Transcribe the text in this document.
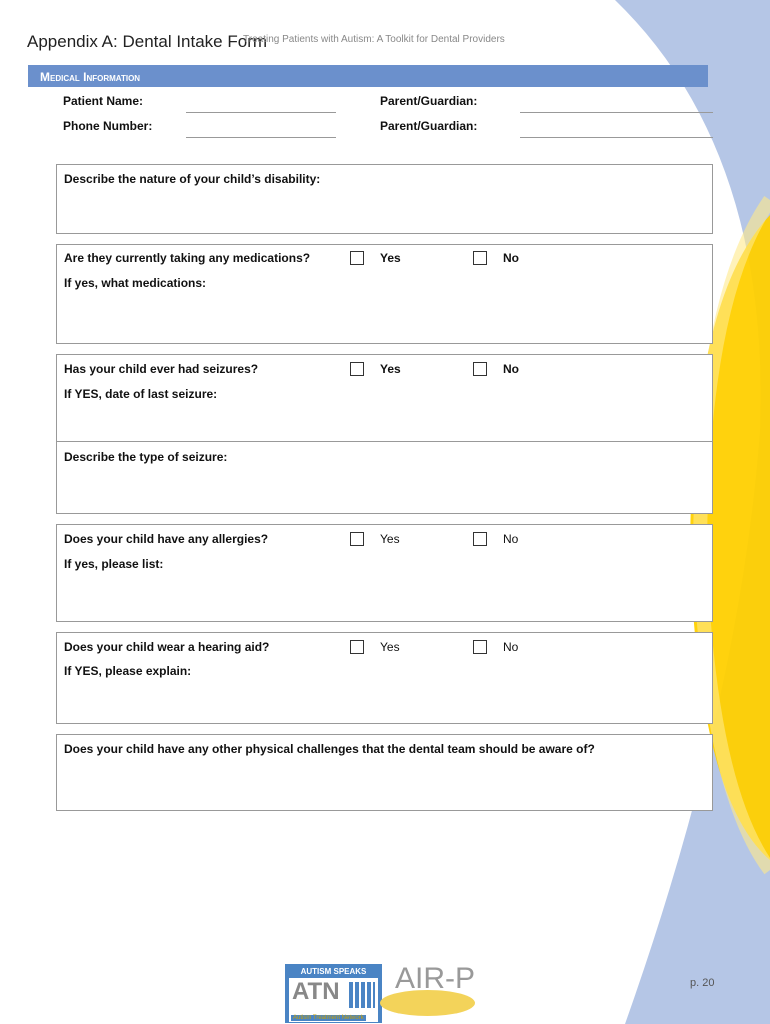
Appendix A: Dental Intake Form
Treating Patients with Autism: A Toolkit for Dental Providers
Medical Information
Patient Name:	Parent/Guardian:
Phone Number:	Parent/Guardian:
Describe the nature of your child’s disability:
Are they currently taking any medications?	Yes	No
If yes, what medications:
Has your child ever had seizures?	Yes	No
If YES, date of last seizure:
Describe the type of seizure:
Does your child have any allergies?	Yes	No
If yes, please list:
Does your child wear a hearing aid?	Yes	No
If YES, please explain:
Does your child have any other physical challenges that the dental team should be aware of?
AUTISM SPEAKS
ATN
Autism Treatment Network
AIR-P	p. 20
